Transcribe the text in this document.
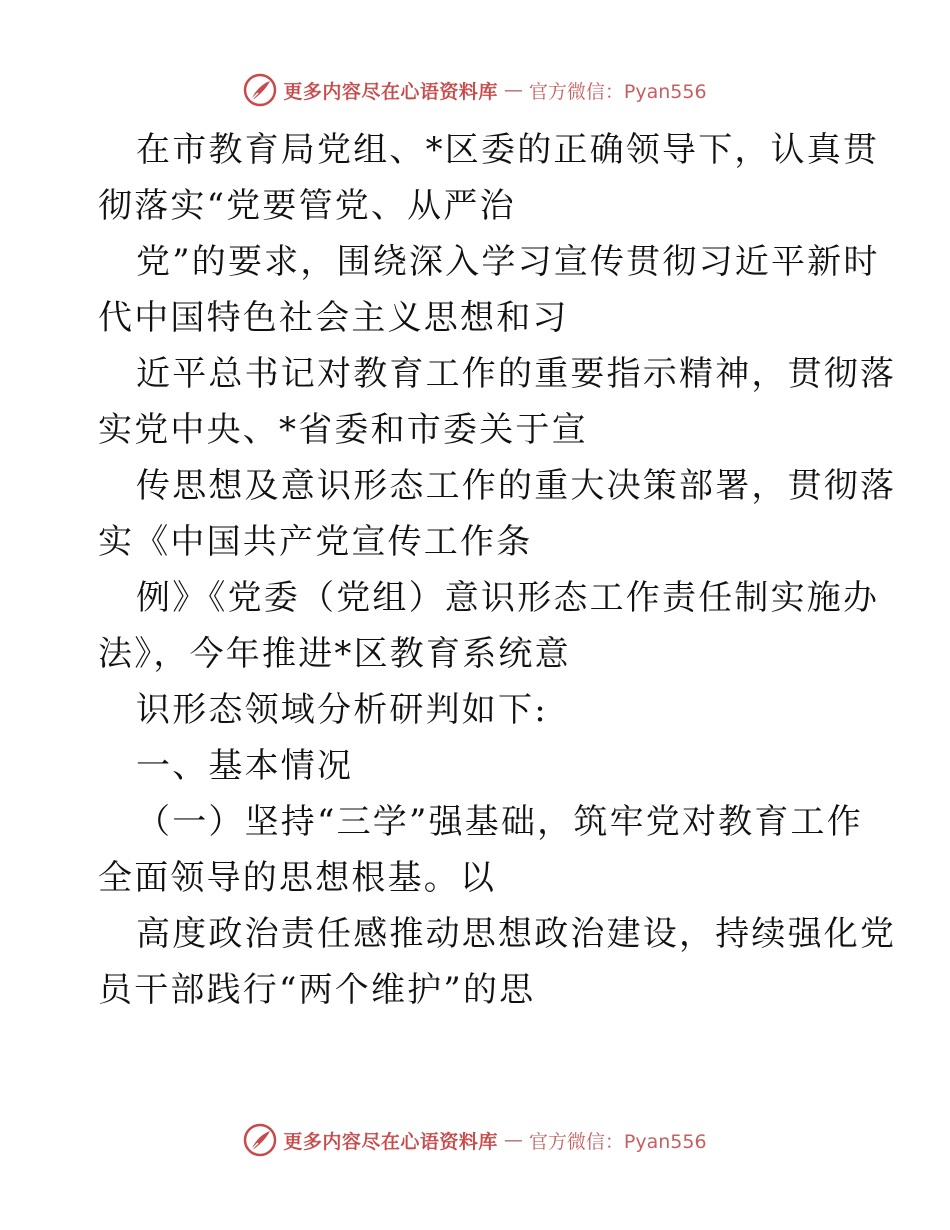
更多内容尽在心语资料库 — 官方微信：Pyan556

在市教育局党组、*区委的正确领导下，认真贯

彻落实“党要管党、从严治

党”的要求，围绕深入学习宣传贯彻习近平新时

代中国特色社会主义思想和习

近平总书记对教育工作的重要指示精神，贯彻落

实党中央、*省委和市委关于宣

传思想及意识形态工作的重大决策部署，贯彻落

实《中国共产党宣传工作条

例》《党委（党组）意识形态工作责任制实施办

法》，今年推进*区教育系统意

识形态领域分析研判如下:

一、基本情况

（一）坚持“三学”强基础，筑牢党对教育工作

全面领导的思想根基。以

高度政治责任感推动思想政治建设，持续强化党

员干部践行“两个维护”的思

更多内容尽在心语资料库 — 官方微信：Pyan556
